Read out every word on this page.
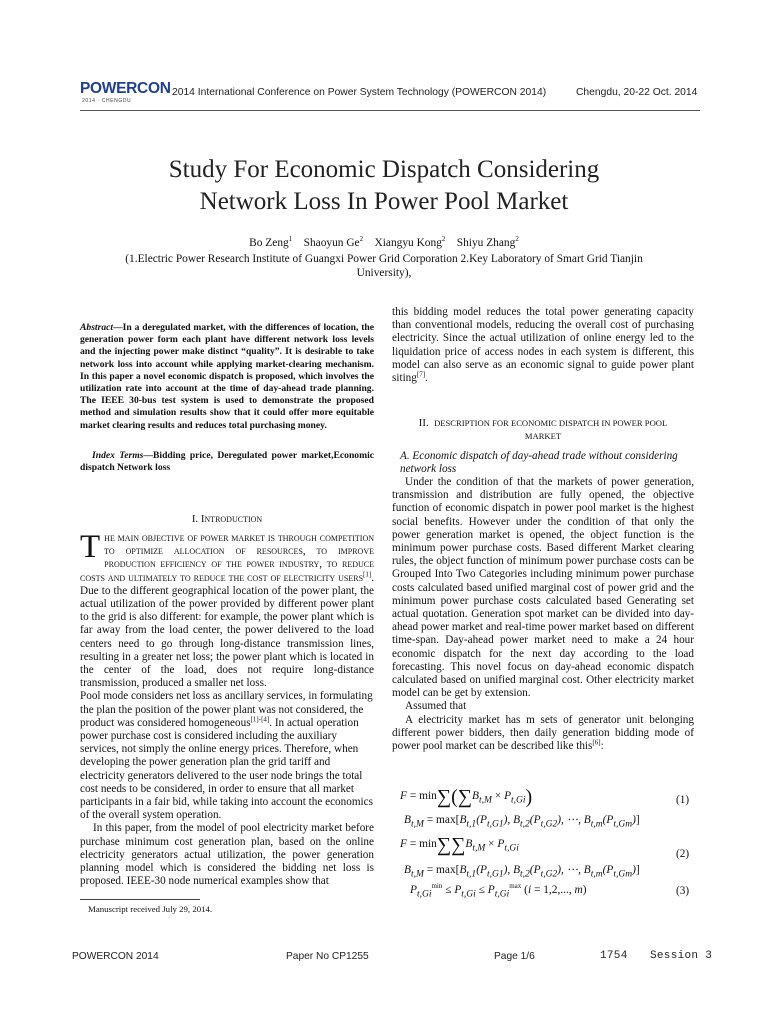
POWERCON
2014 · CHENGDU
2014 International Conference on Power System Technology (POWERCON 2014)	Chengdu, 20-22 Oct. 2014
Study For Economic Dispatch Considering
Network Loss In Power Pool Market
Bo Zeng$^1$ Shaoyun Ge$^2$ Xiangyu Kong$^2$ Shiyu Zhang$^2$
(1.Electric Power Research Institute of Guangxi Power Grid Corporation 2.Key Laboratory of Smart Grid Tianjin University),
Abstract—In a deregulated market, with the differences of location, the generation power form each plant have different network loss levels and the injecting power make distinct “quality”. It is desirable to take network loss into account while applying market-clearing mechanism. In this paper a novel economic dispatch is proposed, which involves the utilization rate into account at the time of day-ahead trade planning. The IEEE 30-bus test system is used to demonstrate the proposed method and simulation results show that it could offer more equitable market clearing results and reduces total purchasing money.
Index Terms—Bidding price, Deregulated power market,Economic dispatch Network loss
I. Introduction

The main objective of power market is through competition to optimize allocation of resources, to improve production efficiency of the power industry, to reduce costs and ultimately to reduce the cost of electricity users[1]. Due to the different geographical location of the power plant, the actual utilization of the power provided by different power plant to the grid is also different: for example, the power plant which is far away from the load center, the power delivered to the load centers need to go through long-distance transmission lines, resulting in a greater net loss; the power plant which is located in the center of the load, does not require long-distance transmission, produced a smaller net loss.

Pool mode considers net loss as ancillary services, in formulating the plan the position of the power plant was not considered, the product was considered homogeneous[1]-[4]. In actual operation power purchase cost is considered including the auxiliary services, not simply the online energy prices. Therefore, when developing the power generation plan the grid tariff and electricity generators delivered to the user node brings the total cost needs to be considered, in order to ensure that all market participants in a fair bid, while taking into account the economics of the overall system operation.

In this paper, from the model of pool electricity market before purchase minimum cost generation plan, based on the online electricity generators actual utilization, the power generation planning model which is considered the bidding net loss is proposed. IEEE-30 node numerical examples show that

Manuscript received July 29, 2014.

this bidding model reduces the total power generating capacity than conventional models, reducing the overall cost of purchasing electricity. Since the actual utilization of online energy led to the liquidation price of access nodes in each system is different, this model can also serve as an economic signal to guide power plant siting[7].

II. DESCRIPTION FOR ECONOMIC DISPATCH IN POWER POOL
MARKET
A. Economic dispatch of day-ahead trade without considering network loss

Under the condition of that the markets of power generation, transmission and distribution are fully opened, the objective function of economic dispatch in power pool market is the highest social benefits. However under the condition of that only the power generation market is opened, the object function is the minimum power purchase costs. Based different Market clearing rules, the object function of minimum power purchase costs can be Grouped Into Two Categories including minimum power purchase costs calculated based unified marginal cost of power grid and the minimum power purchase costs calculated based Generating set actual quotation. Generation spot market can be divided into day-ahead power market and real-time power market based on different time-span. Day-ahead power market need to make a 24 hour economic dispatch for the next day according to the load forecasting. This novel focus on day-ahead economic dispatch calculated based on unified marginal cost. Other electricity market model can be get by extension.

Assumed that

A electricity market has m sets of generator unit belonging different power bidders, then daily generation bidding mode of power pool market can be described like this[6]:

$F = \min\sum(\sum B_{t,M} \times P_{t,Gi})$	(1)
$B_{t,M} = \max[B_{t,1}(P_{t,G1})$, $B_{t,2}(P_{t,G2})$, ⋯, $B_{t,m}(P_{t,Gm})$]
$F = \min\sum\sum B_{t,M} \times P_{t,Gi}$	(2)
$B_{t,M} = \max[B_{t,1}(P_{t,G1})$, $B_{t,2}(P_{t,G2})$, ⋯, $B_{t,m}(P_{t,Gm})$]
$P_{t,Gi}^{min} \le P_{t,Gi} \le P_{t,Gi}^{max}$ (i = 1,2,..., m)	(3)
POWERCON 2014	Paper No CP1255	Page 1/6	1754 Session 3
